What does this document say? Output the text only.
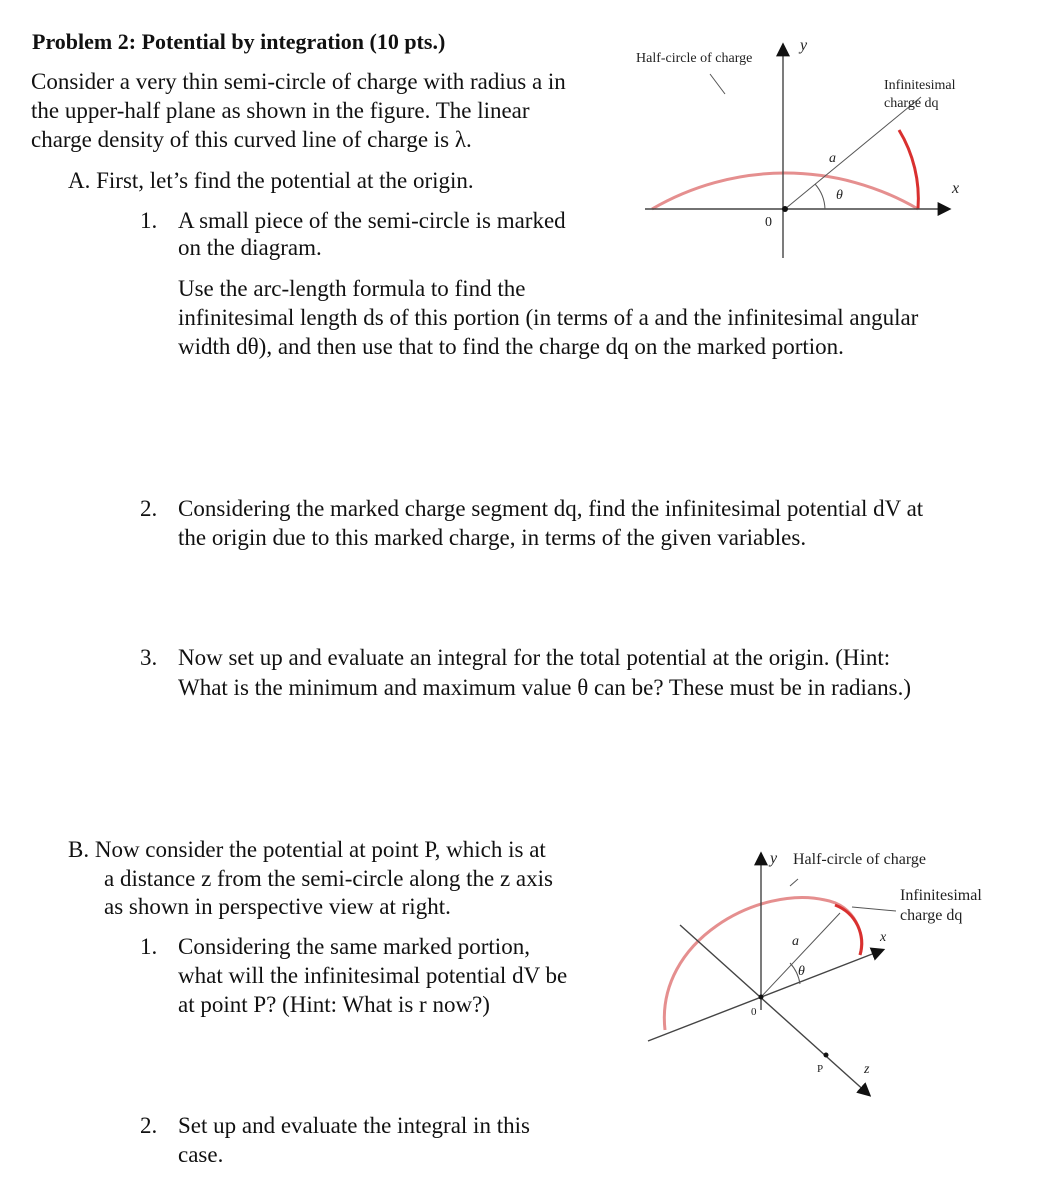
Problem 2: Potential by integration (10 pts.)
Consider a very thin semi-circle of charge with radius a in
the upper-half plane as shown in the figure. The linear
charge density of this curved line of charge is λ.
A. First, let’s find the potential at the origin.
1. A small piece of the semi-circle is marked
on the diagram.
Use the arc-length formula to find the
infinitesimal length ds of this portion (in terms of a and the infinitesimal angular
width dθ), and then use that to find the charge dq on the marked portion.
2. Considering the marked charge segment dq, find the infinitesimal potential dV at
the origin due to this marked charge, in terms of the given variables.
3. Now set up and evaluate an integral for the total potential at the origin. (Hint:
What is the minimum and maximum value θ can be? These must be in radians.)
B. Now consider the potential at point P, which is at
a distance z from the semi-circle along the z axis
as shown in perspective view at right.
1. Considering the same marked portion,
what will the infinitesimal potential dV be
at point P? (Hint: What is r now?)
2. Set up and evaluate the integral in this
case.
Half-circle of charge
Infinitesimal
charge dq
y
x
a
θ
0
y Half-circle of charge
Infinitesimal
charge dq
x
z
a
θ
0
P
